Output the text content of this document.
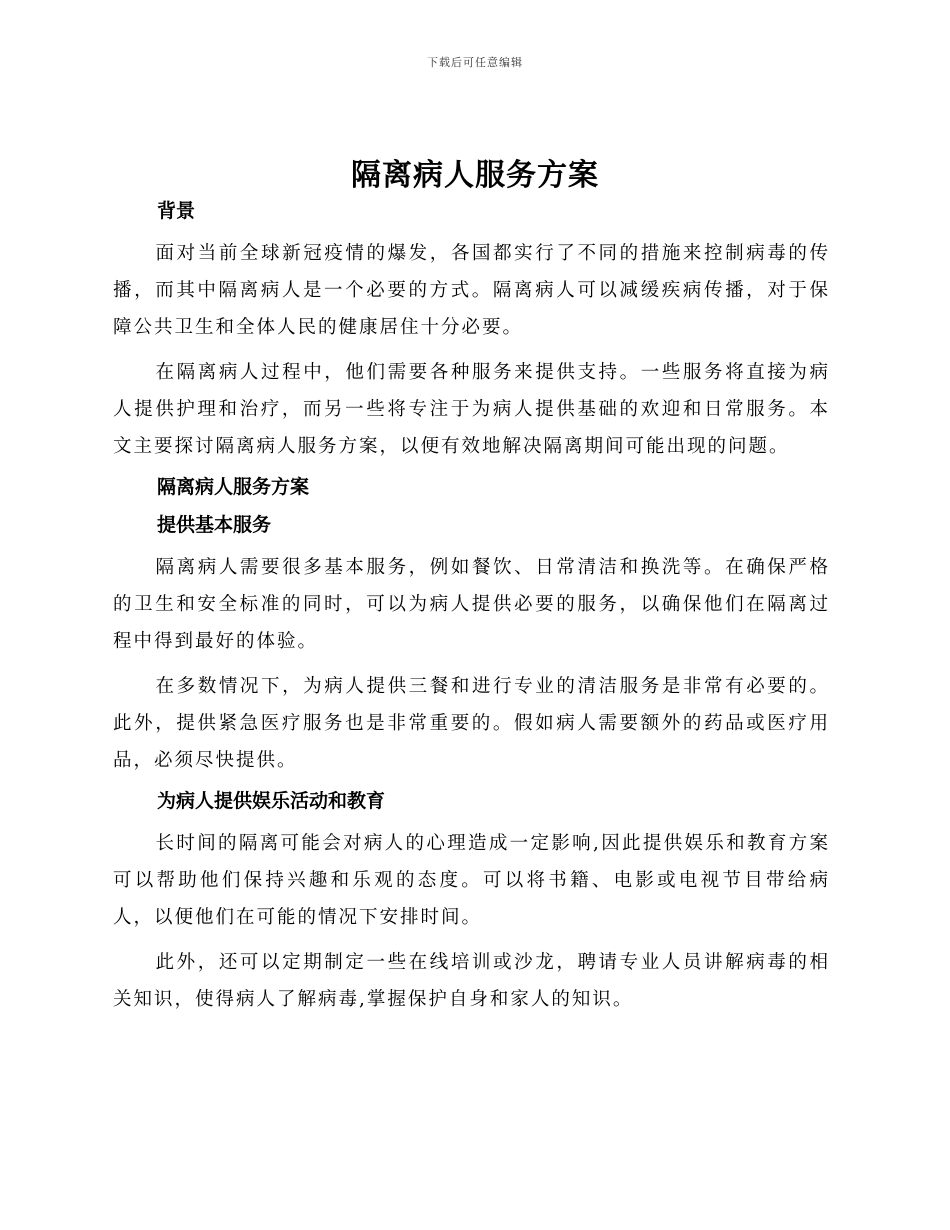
下载后可任意编辑
隔离病人服务方案
背景

面对当前全球新冠疫情的爆发，各国都实行了不同的措施来控制病毒的传播，而其中隔离病人是一个必要的方式。隔离病人可以减缓疾病传播，对于保障公共卫生和全体人民的健康居住十分必要。

在隔离病人过程中，他们需要各种服务来提供支持。一些服务将直接为病人提供护理和治疗，而另一些将专注于为病人提供基础的欢迎和日常服务。本文主要探讨隔离病人服务方案，以便有效地解决隔离期间可能出现的问题。

隔离病人服务方案
提供基本服务

隔离病人需要很多基本服务，例如餐饮、日常清洁和换洗等。在确保严格的卫生和安全标准的同时，可以为病人提供必要的服务，以确保他们在隔离过程中得到最好的体验。

在多数情况下，为病人提供三餐和进行专业的清洁服务是非常有必要的。此外，提供紧急医疗服务也是非常重要的。假如病人需要额外的药品或医疗用品，必须尽快提供。

为病人提供娱乐活动和教育

长时间的隔离可能会对病人的心理造成一定影响,因此提供娱乐和教育方案可以帮助他们保持兴趣和乐观的态度。可以将书籍、电影或电视节目带给病人，以便他们在可能的情况下安排时间。

此外，还可以定期制定一些在线培训或沙龙，聘请专业人员讲解病毒的相关知识，使得病人了解病毒,掌握保护自身和家人的知识。
